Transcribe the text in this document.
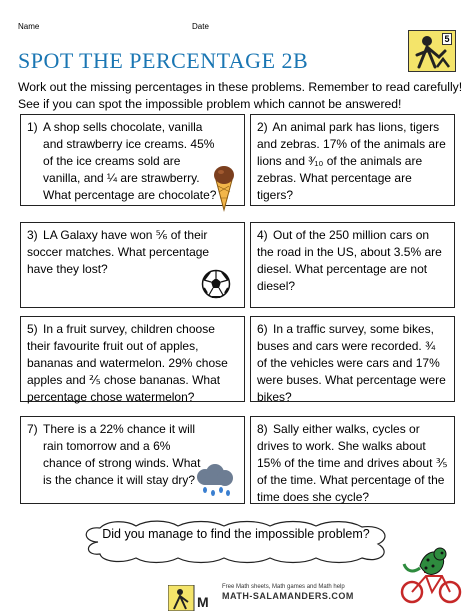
Name	Date
5
SPOT THE PERCENTAGE 2B

Work out the missing percentages in these problems. Remember to read carefully!

See if you can spot the impossible problem which cannot be answered!

1) A shop sells chocolate, vanilla and strawberry ice creams. 45% of the ice creams sold are vanilla, and ¼ are strawberry. What percentage are chocolate?
2) An animal park has lions, tigers and zebras. 17% of the animals are lions and ³⁄₁₀ of the animals are zebras. What percentage are tigers?
3) LA Galaxy have won ⅚ of their soccer matches. What percentage have they lost?
4) Out of the 250 million cars on the road in the US, about 3.5% are diesel. What percentage are not diesel?
5) In a fruit survey, children choose their favourite fruit out of apples, bananas and watermelon. 29% chose apples and ⅖ chose bananas. What percentage chose watermelon?
6) In a traffic survey, some bikes, buses and cars were recorded. ¾ of the vehicles were cars and 17% were buses. What percentage were bikes?
7) There is a 22% chance it will rain tomorrow and a 6% chance of strong winds. What is the chance it will stay dry?
8) Sally either walks, cycles or drives to work. She walks about 15% of the time and drives about ⅗ of the time. What percentage of the time does she cycle?
Did you manage to find the impossible problem?
M
Free Math sheets, Math games and Math help
MATH-SALAMANDERS.COM
